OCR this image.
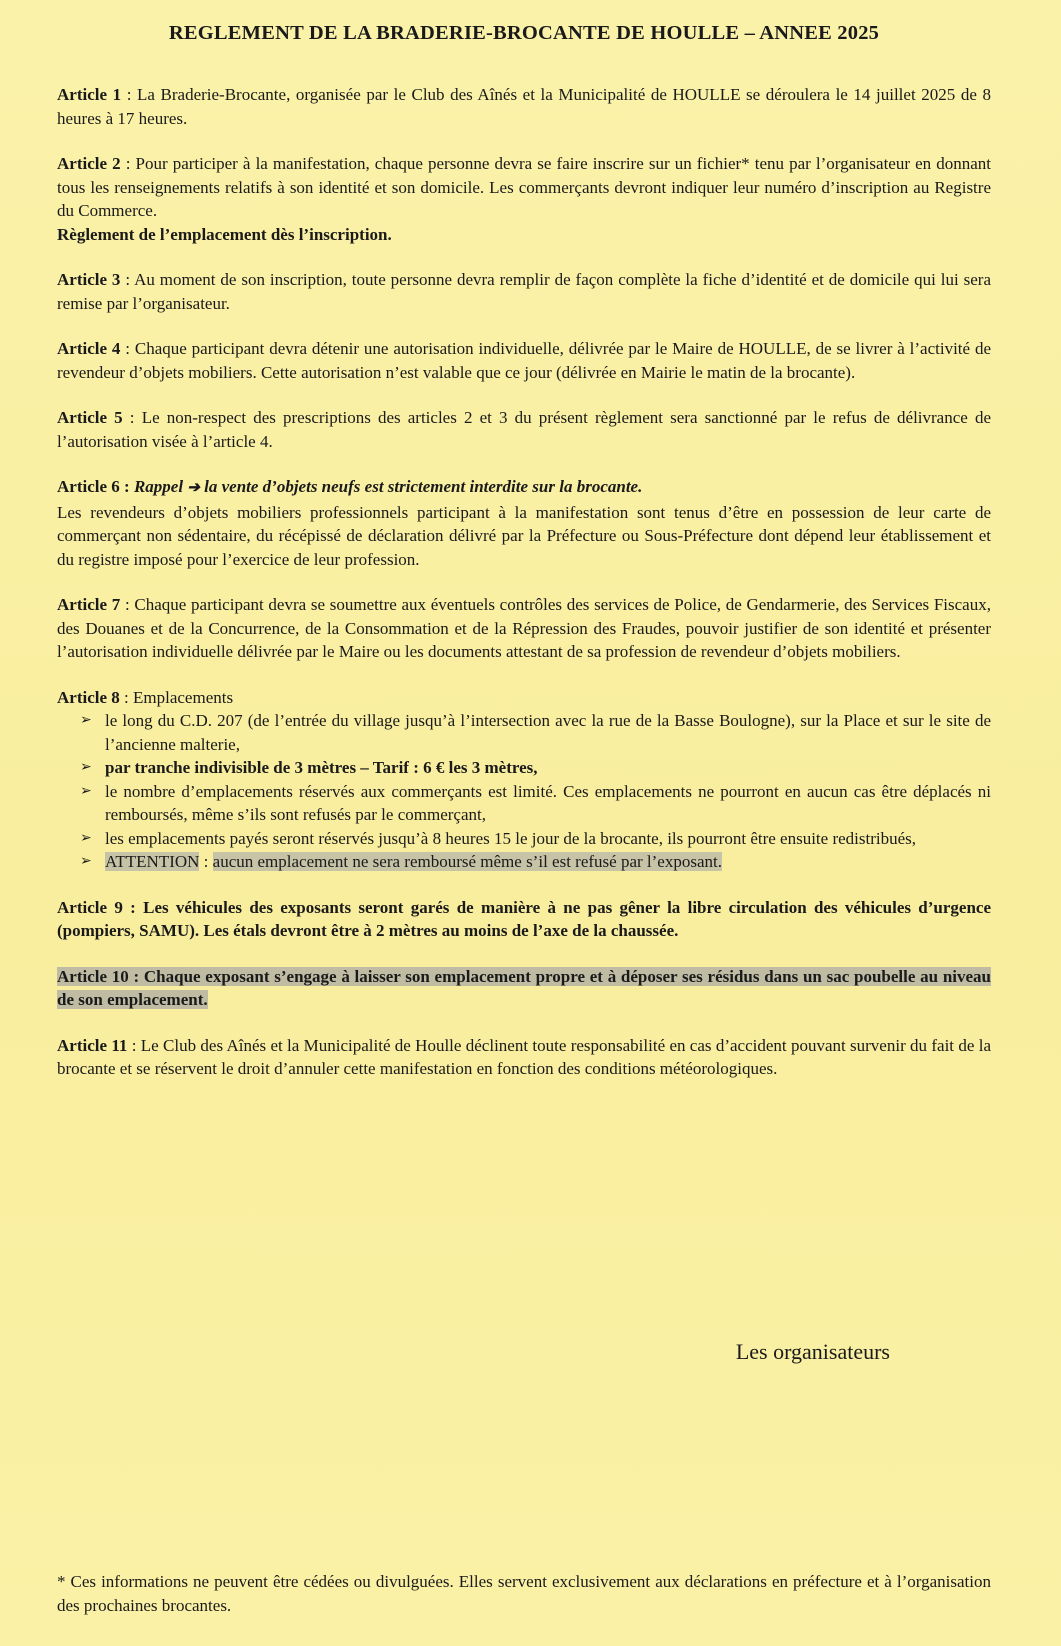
REGLEMENT DE LA BRADERIE-BROCANTE DE HOULLE – ANNEE 2025

Article 1 : La Braderie-Brocante, organisée par le Club des Aînés et la Municipalité de HOULLE se déroulera le 14 juillet 2025 de 8 heures à 17 heures.

Article 2 : Pour participer à la manifestation, chaque personne devra se faire inscrire sur un fichier* tenu par l’organisateur en donnant tous les renseignements relatifs à son identité et son domicile. Les commerçants devront indiquer leur numéro d’inscription au Registre du Commerce.

Règlement de l’emplacement dès l’inscription.

Article 3 : Au moment de son inscription, toute personne devra remplir de façon complète la fiche d’identité et de domicile qui lui sera remise par l’organisateur.

Article 4 : Chaque participant devra détenir une autorisation individuelle, délivrée par le Maire de HOULLE, de se livrer à l’activité de revendeur d’objets mobiliers. Cette autorisation n’est valable que ce jour (délivrée en Mairie le matin de la brocante).

Article 5 : Le non-respect des prescriptions des articles 2 et 3 du présent règlement sera sanctionné par le refus de délivrance de l’autorisation visée à l’article 4.

Article 6 : Rappel ➔ la vente d’objets neufs est strictement interdite sur la brocante.

Les revendeurs d’objets mobiliers professionnels participant à la manifestation sont tenus d’être en possession de leur carte de commerçant non sédentaire, du récépissé de déclaration délivré par la Préfecture ou Sous-Préfecture dont dépend leur établissement et du registre imposé pour l’exercice de leur profession.

Article 7 : Chaque participant devra se soumettre aux éventuels contrôles des services de Police, de Gendarmerie, des Services Fiscaux, des Douanes et de la Concurrence, de la Consommation et de la Répression des Fraudes, pouvoir justifier de son identité et présenter l’autorisation individuelle délivrée par le Maire ou les documents attestant de sa profession de revendeur d’objets mobiliers.

Article 8 : Emplacements

➢ le long du C.D. 207 (de l’entrée du village jusqu’à l’intersection avec la rue de la Basse Boulogne), sur la Place et sur le site de l’ancienne malterie,
➢ par tranche indivisible de 3 mètres – Tarif : 6 € les 3 mètres,
➢ le nombre d’emplacements réservés aux commerçants est limité. Ces emplacements ne pourront en aucun cas être déplacés ni remboursés, même s’ils sont refusés par le commerçant,
➢ les emplacements payés seront réservés jusqu’à 8 heures 15 le jour de la brocante, ils pourront être ensuite redistribués,
➢ ATTENTION : aucun emplacement ne sera remboursé même s’il est refusé par l’exposant.

Article 9 : Les véhicules des exposants seront garés de manière à ne pas gêner la libre circulation des véhicules d’urgence (pompiers, SAMU). Les étals devront être à 2 mètres au moins de l’axe de la chaussée.

Article 10 : Chaque exposant s’engage à laisser son emplacement propre et à déposer ses résidus dans un sac poubelle au niveau de son emplacement.

Article 11 : Le Club des Aînés et la Municipalité de Houlle déclinent toute responsabilité en cas d’accident pouvant survenir du fait de la brocante et se réservent le droit d’annuler cette manifestation en fonction des conditions météorologiques.

Les organisateurs
* Ces informations ne peuvent être cédées ou divulguées. Elles servent exclusivement aux déclarations en préfecture et à l’organisation des prochaines brocantes.
